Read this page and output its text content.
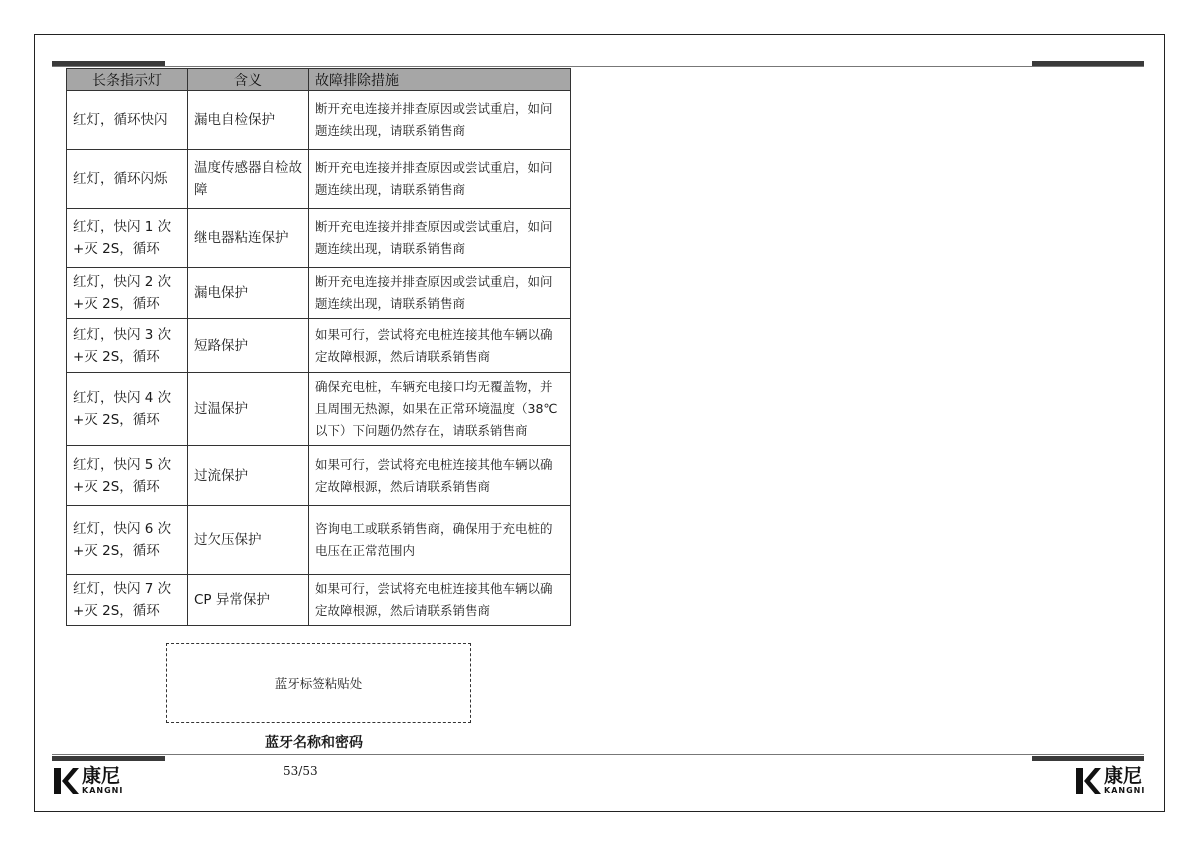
长条指示灯	含义	故障排除措施
红灯，循环快闪	漏电自检保护	断开充电连接并排查原因或尝试重启，如问题连续出现，请联系销售商
红灯，循环闪烁	温度传感器自检故障	断开充电连接并排查原因或尝试重启，如问题连续出现，请联系销售商
红灯，快闪 1 次+灭 2S，循环	继电器粘连保护	断开充电连接并排查原因或尝试重启，如问题连续出现，请联系销售商
红灯，快闪 2 次+灭 2S，循环	漏电保护	断开充电连接并排查原因或尝试重启，如问题连续出现，请联系销售商
红灯，快闪 3 次+灭 2S，循环	短路保护	如果可行，尝试将充电桩连接其他车辆以确定故障根源，然后请联系销售商
红灯，快闪 4 次+灭 2S，循环	过温保护	确保充电桩，车辆充电接口均无覆盖物，并且周围无热源，如果在正常环境温度（38℃以下）下问题仍然存在，请联系销售商
红灯，快闪 5 次+灭 2S，循环	过流保护	如果可行，尝试将充电桩连接其他车辆以确定故障根源，然后请联系销售商
红灯，快闪 6 次+灭 2S，循环	过欠压保护	咨询电工或联系销售商，确保用于充电桩的电压在正常范围内
红灯，快闪 7 次+灭 2S，循环	CP 异常保护	如果可行，尝试将充电桩连接其他车辆以确定故障根源，然后请联系销售商
蓝牙标签粘贴处
蓝牙名称和密码
53/53
康尼
KANGNI
康尼
KANGNI
